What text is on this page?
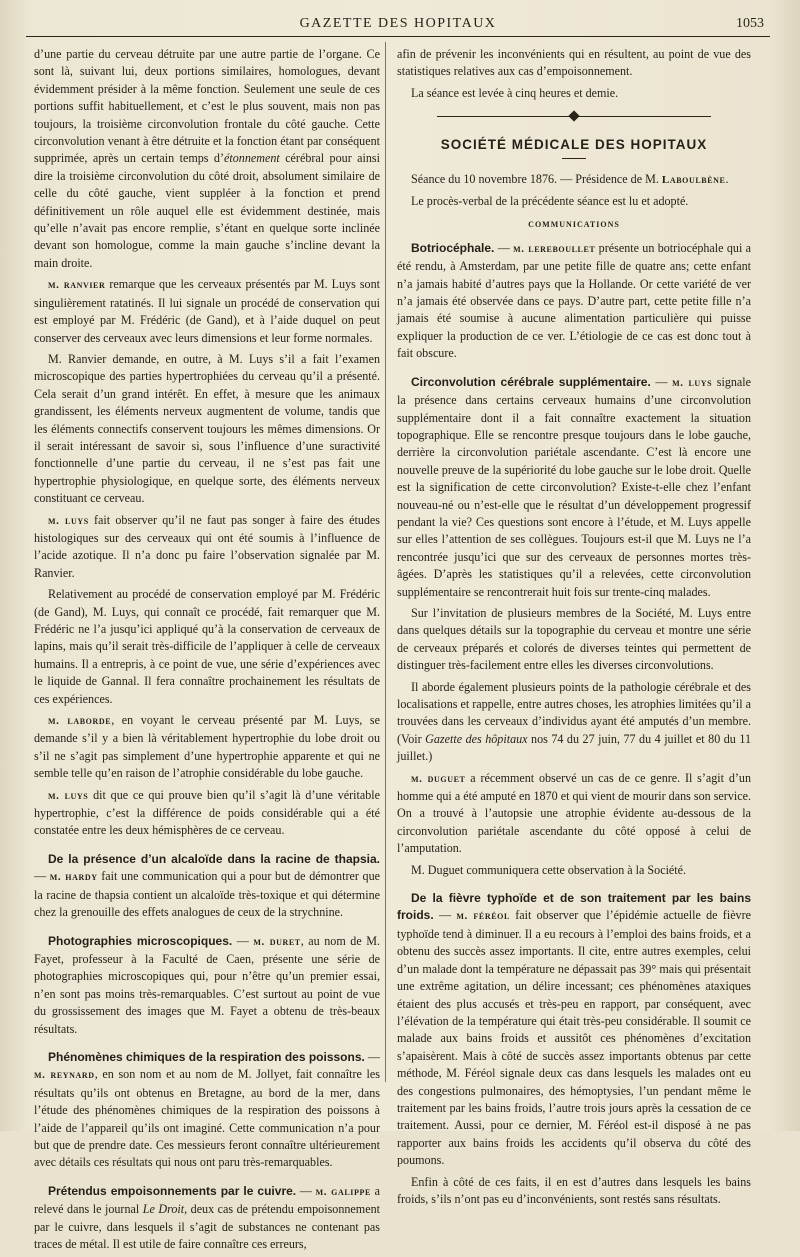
GAZETTE DES HOPITAUX	1053

d’une partie du cerveau détruite par une autre partie de l’organe. Ce sont là, suivant lui, deux portions similaires, homologues, devant évidemment présider à la même fonction. Seulement une seule de ces portions suffit habituellement, et c’est le plus souvent, mais non pas toujours, la troisième circonvolution frontale du côté gauche. Cette circonvolution venant à être détruite et la fonction étant par conséquent supprimée, après un certain temps d’étonnement cérébral pour ainsi dire la troisième circonvolution du côté droit, absolument similaire de celle du côté gauche, vient suppléer à la fonction et prend définitivement un rôle auquel elle est évidemment destinée, mais qu’elle n’avait pas encore remplie, s’étant en quelque sorte inclinée devant son homologue, comme la main gauche s’incline devant la main droite.

m. ranvier remarque que les cerveaux présentés par M. Luys sont singulièrement ratatinés. Il lui signale un procédé de conservation qui est employé par M. Frédéric (de Gand), et à l’aide duquel on peut conserver des cerveaux avec leurs dimensions et leur forme normales.

M. Ranvier demande, en outre, à M. Luys s’il a fait l’examen microscopique des parties hypertrophiées du cerveau qu’il a présenté. Cela serait d’un grand intérêt. En effet, à mesure que les animaux grandissent, les éléments nerveux augmentent de volume, tandis que les éléments connectifs conservent toujours les mêmes dimensions. Or il serait intéressant de savoir si, sous l’influence d’une suractivité fonctionnelle d’une partie du cerveau, il ne s’est pas fait une hypertrophie physiologique, en quelque sorte, des éléments nerveux constituant ce cerveau.

m. luys fait observer qu’il ne faut pas songer à faire des études histologiques sur des cerveaux qui ont été soumis à l’influence de l’acide azotique. Il n’a donc pu faire l’observation signalée par M. Ranvier.

Relativement au procédé de conservation employé par M. Frédéric (de Gand), M. Luys, qui connaît ce procédé, fait remarquer que M. Frédéric ne l’a jusqu’ici appliqué qu’à la conservation de cerveaux de lapins, mais qu’il serait très-difficile de l’appliquer à celle de cerveaux humains. Il a entrepris, à ce point de vue, une série d’expériences avec le liquide de Gannal. Il fera connaître prochainement les résultats de ces expériences.

m. laborde, en voyant le cerveau présenté par M. Luys, se demande s’il y a bien là véritablement hypertrophie du lobe droit ou s’il ne s’agit pas simplement d’une hypertrophie apparente et qui ne semble telle qu’en raison de l’atrophie considérable du lobe gauche.

m. luys dit que ce qui prouve bien qu’il s’agit là d’une véritable hypertrophie, c’est la différence de poids considérable qui a été constatée entre les deux hémisphères de ce cerveau.

De la présence d’un alcaloïde dans la racine de thapsia. — m. hardy fait une communication qui a pour but de démontrer que la racine de thapsia contient un alcaloïde très-toxique et qui détermine chez la grenouille des effets analogues de ceux de la strychnine.

Photographies microscopiques. — m. duret, au nom de M. Fayet, professeur à la Faculté de Caen, présente une série de photographies microscopiques qui, pour n’être qu’un premier essai, n’en sont pas moins très-remarquables. C’est surtout au point de vue du grossissement des images que M. Fayet a obtenu de très-beaux résultats.

Phénomènes chimiques de la respiration des poissons. — m. reynard, en son nom et au nom de M. Jollyet, fait connaître les résultats qu’ils ont obtenus en Bretagne, au bord de la mer, dans l’étude des phénomènes chimiques de la respiration des poissons à l’aide de l’appareil qu’ils ont imaginé. Cette communication n’a pour but que de prendre date. Ces messieurs feront connaître ultérieurement avec détails ces résultats qui nous ont paru très-remarquables.

Prétendus empoisonnements par le cuivre. — m. galippe a relevé dans le journal Le Droit, deux cas de prétendu empoisonnement par le cuivre, dans lesquels il s’agit de substances ne contenant pas traces de métal. Il est utile de faire connaître ces erreurs,

afin de prévenir les inconvénients qui en résultent, au point de vue des statistiques relatives aux cas d’empoisonnement.

La séance est levée à cinq heures et demie.

SOCIÉTÉ MÉDICALE DES HOPITAUX

Séance du 10 novembre 1876. — Présidence de M. Laboulbène.

Le procès-verbal de la précédente séance est lu et adopté.

communications

Botriocéphale. — m. lereboullet présente un botriocéphale qui a été rendu, à Amsterdam, par une petite fille de quatre ans; cette enfant n’a jamais habité d’autres pays que la Hollande. Or cette variété de ver n’a jamais été observée dans ce pays. D’autre part, cette petite fille n’a jamais été soumise à aucune alimentation particulière qui puisse expliquer la production de ce ver. L’étiologie de ce cas est donc tout à fait obscure.

Circonvolution cérébrale supplémentaire. — m. luys signale la présence dans certains cerveaux humains d’une circonvolution supplémentaire dont il a fait connaître exactement la situation topographique. Elle se rencontre presque toujours dans le lobe gauche, derrière la circonvolution pariétale ascendante. C’est là encore une nouvelle preuve de la supériorité du lobe gauche sur le lobe droit. Quelle est la signification de cette circonvolution? Existe-t-elle chez l’enfant nouveau-né ou n’est-elle que le résultat d’un développement progressif pendant la vie? Ces questions sont encore à l’étude, et M. Luys appelle sur elles l’attention de ses collègues. Toujours est-il que M. Luys ne l’a rencontrée jusqu’ici que sur des cerveaux de personnes mortes très-âgées. D’après les statistiques qu’il a relevées, cette circonvolution supplémentaire se rencontrerait huit fois sur trente-cinq malades.

Sur l’invitation de plusieurs membres de la Société, M. Luys entre dans quelques détails sur la topographie du cerveau et montre une série de cerveaux préparés et colorés de diverses teintes qui permettent de distinguer très-facilement entre elles les diverses circonvolutions.

Il aborde également plusieurs points de la pathologie cérébrale et des localisations et rappelle, entre autres choses, les atrophies limitées qu’il a trouvées dans les cerveaux d’individus ayant été amputés d’un membre. (Voir Gazette des hôpitaux nos 74 du 27 juin, 77 du 4 juillet et 80 du 11 juillet.)

m. duguet a récemment observé un cas de ce genre. Il s’agit d’un homme qui a été amputé en 1870 et qui vient de mourir dans son service. On a trouvé à l’autopsie une atrophie évidente au-dessous de la circonvolution pariétale ascendante du côté opposé à celui de l’amputation.

M. Duguet communiquera cette observation à la Société.

De la fièvre typhoïde et de son traitement par les bains froids. — m. féréol fait observer que l’épidémie actuelle de fièvre typhoïde tend à diminuer. Il a eu recours à l’emploi des bains froids, et a obtenu des succès assez importants. Il cite, entre autres exemples, celui d’un malade dont la température ne dépassait pas 39° mais qui présentait une extrême agitation, un délire incessant; ces phénomènes ataxiques étaient des plus accusés et très-peu en rapport, par conséquent, avec l’élévation de la température qui était très-peu considérable. Il soumit ce malade aux bains froids et aussitôt ces phénomènes d’excitation s’apaisèrent. Mais à côté de succès assez importants obtenus par cette méthode, M. Féréol signale deux cas dans lesquels les malades ont eu des congestions pulmonaires, des hémoptysies, l’un pendant même le traitement par les bains froids, l’autre trois jours après la cessation de ce traitement. Aussi, pour ce dernier, M. Féréol est-il disposé à ne pas rapporter aux bains froids les accidents qu’il observa du côté des poumons.

Enfin à côté de ces faits, il en est d’autres dans lesquels les bains froids, s’ils n’ont pas eu d’inconvénients, sont restés sans résultats.
